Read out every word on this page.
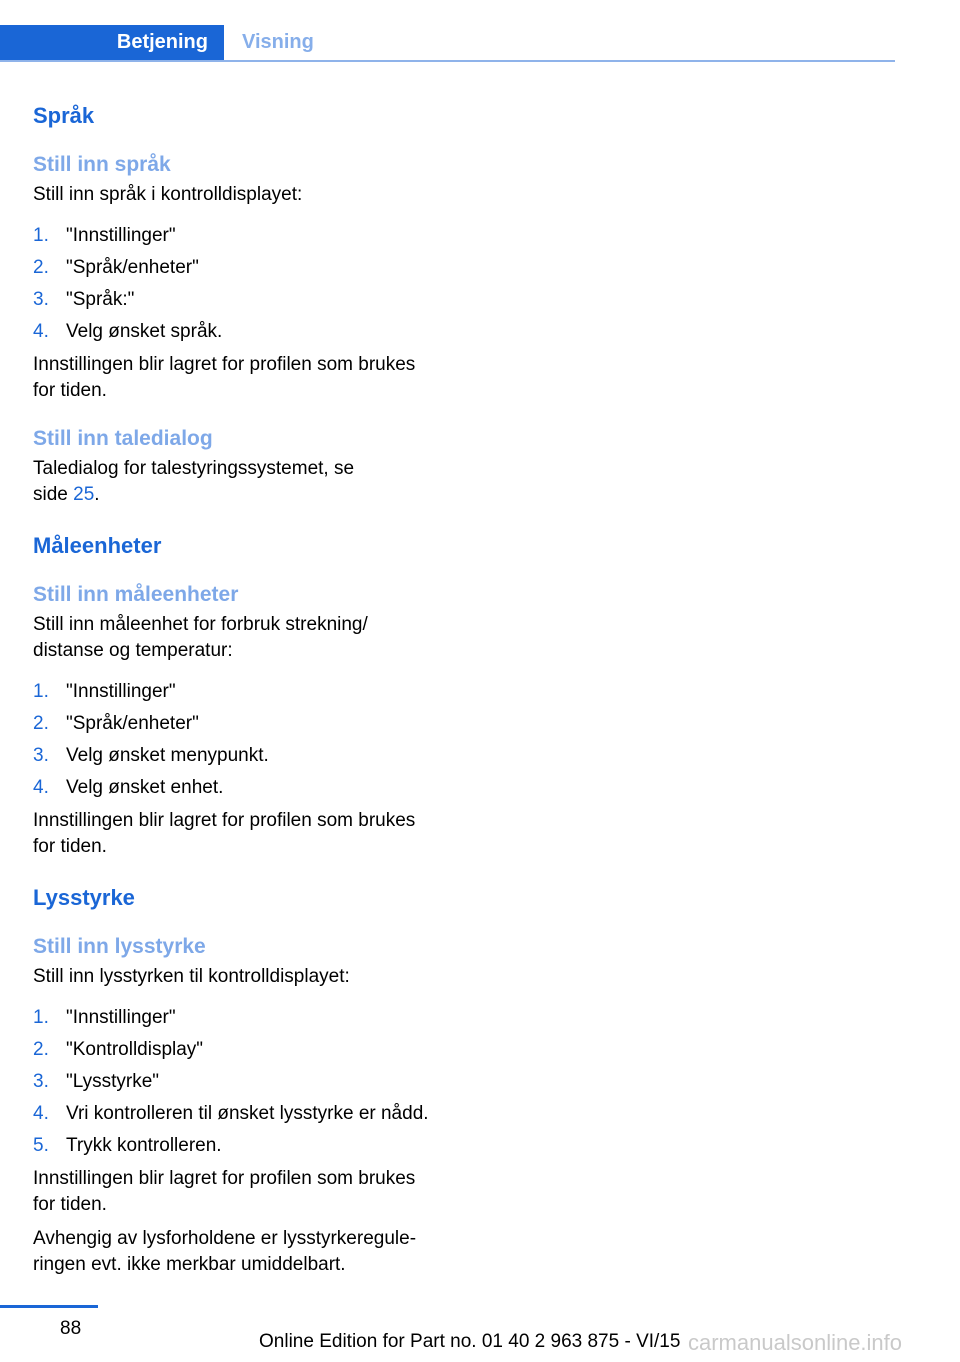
Betjening	Visning
Språk
Still inn språk

Still inn språk i kontrolldisplayet:

1. "Innstillinger"
2. "Språk/enheter"
3. "Språk:"
4. Velg ønsket språk.

Innstillingen blir lagret for profilen som brukes
for tiden.

Still inn taledialog

Taledialog for talestyringssystemet, se
side 25.

Måleenheter
Still inn måleenheter

Still inn måleenhet for forbruk strekning/
distanse og temperatur:

1. "Innstillinger"
2. "Språk/enheter"
3. Velg ønsket menypunkt.
4. Velg ønsket enhet.

Innstillingen blir lagret for profilen som brukes
for tiden.

Lysstyrke
Still inn lysstyrke

Still inn lysstyrken til kontrolldisplayet:

1. "Innstillinger"
2. "Kontrolldisplay"
3. "Lysstyrke"
4. Vri kontrolleren til ønsket lysstyrke er nådd.
5. Trykk kontrolleren.

Innstillingen blir lagret for profilen som brukes
for tiden.

Avhengig av lysforholdene er lysstyrkeregule‐
ringen evt. ikke merkbar umiddelbart.

88
Online Edition for Part no. 01 40 2 963 875 - VI/15 carmanualsonline.info
